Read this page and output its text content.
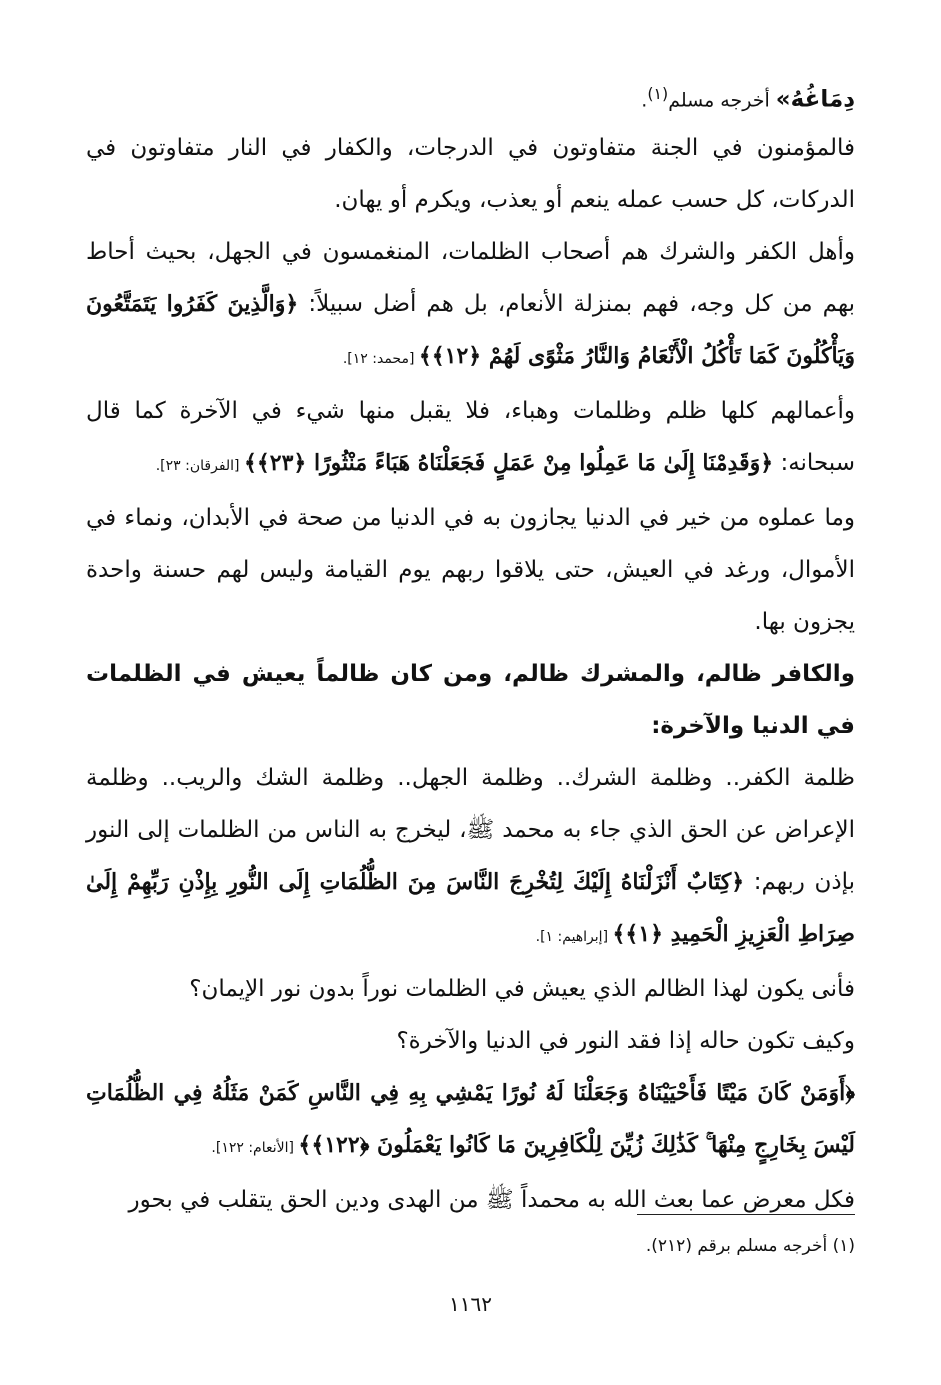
دِمَاغُهُ» أخرجه مسلم$^{(١)}$.

فالمؤمنون في الجنة متفاوتون في الدرجات، والكفار في النار متفاوتون في الدركات، كل حسب عمله ينعم أو يعذب، ويكرم أو يهان.

وأهل الكفر والشرك هم أصحاب الظلمات، المنغمسون في الجهل، بحيث أحاط بهم من كل وجه، فهم بمنزلة الأنعام، بل هم أضل سبيلاً: ﴿وَالَّذِينَ كَفَرُوا يَتَمَتَّعُونَ وَيَأْكُلُونَ كَمَا تَأْكُلُ الْأَنْعَامُ وَالنَّارُ مَثْوًى لَهُمْ ﴿١٢﴾﴾ [محمد: ١٢].

وأعمالهم كلها ظلم وظلمات وهباء، فلا يقبل منها شيء في الآخرة كما قال سبحانه: ﴿وَقَدِمْنَا إِلَىٰ مَا عَمِلُوا مِنْ عَمَلٍ فَجَعَلْنَاهُ هَبَاءً مَنْثُورًا ﴿٢٣﴾﴾ [الفرقان: ٢٣].

وما عملوه من خير في الدنيا يجازون به في الدنيا من صحة في الأبدان، ونماء في الأموال، ورغد في العيش، حتى يلاقوا ربهم يوم القيامة وليس لهم حسنة واحدة يجزون بها.

والكافر ظالم، والمشرك ظالم، ومن كان ظالماً يعيش في الظلمات في الدنيا والآخرة:

ظلمة الكفر.. وظلمة الشرك.. وظلمة الجهل.. وظلمة الشك والريب.. وظلمة الإعراض عن الحق الذي جاء به محمد ﷺ، ليخرج به الناس من الظلمات إلى النور بإذن ربهم: ﴿كِتَابٌ أَنْزَلْنَاهُ إِلَيْكَ لِتُخْرِجَ النَّاسَ مِنَ الظُّلُمَاتِ إِلَى النُّورِ بِإِذْنِ رَبِّهِمْ إِلَىٰ صِرَاطِ الْعَزِيزِ الْحَمِيدِ ﴿١﴾﴾ [إبراهيم: ١].

فأنى يكون لهذا الظالم الذي يعيش في الظلمات نوراً بدون نور الإيمان؟

وكيف تكون حاله إذا فقد النور في الدنيا والآخرة؟

﴿أَوَمَنْ كَانَ مَيْتًا فَأَحْيَيْنَاهُ وَجَعَلْنَا لَهُ نُورًا يَمْشِي بِهِ فِي النَّاسِ كَمَنْ مَثَلُهُ فِي الظُّلُمَاتِ لَيْسَ بِخَارِجٍ مِنْهَا ۚ كَذَٰلِكَ زُيِّنَ لِلْكَافِرِينَ مَا كَانُوا يَعْمَلُونَ ﴿١٢٢﴾﴾ [الأنعام: ١٢٢].

فكل معرض عما بعث الله به محمداً ﷺ من الهدى ودين الحق يتقلب في بحور

(١) أخرجه مسلم برقم (٢١٢).
١١٦٢
